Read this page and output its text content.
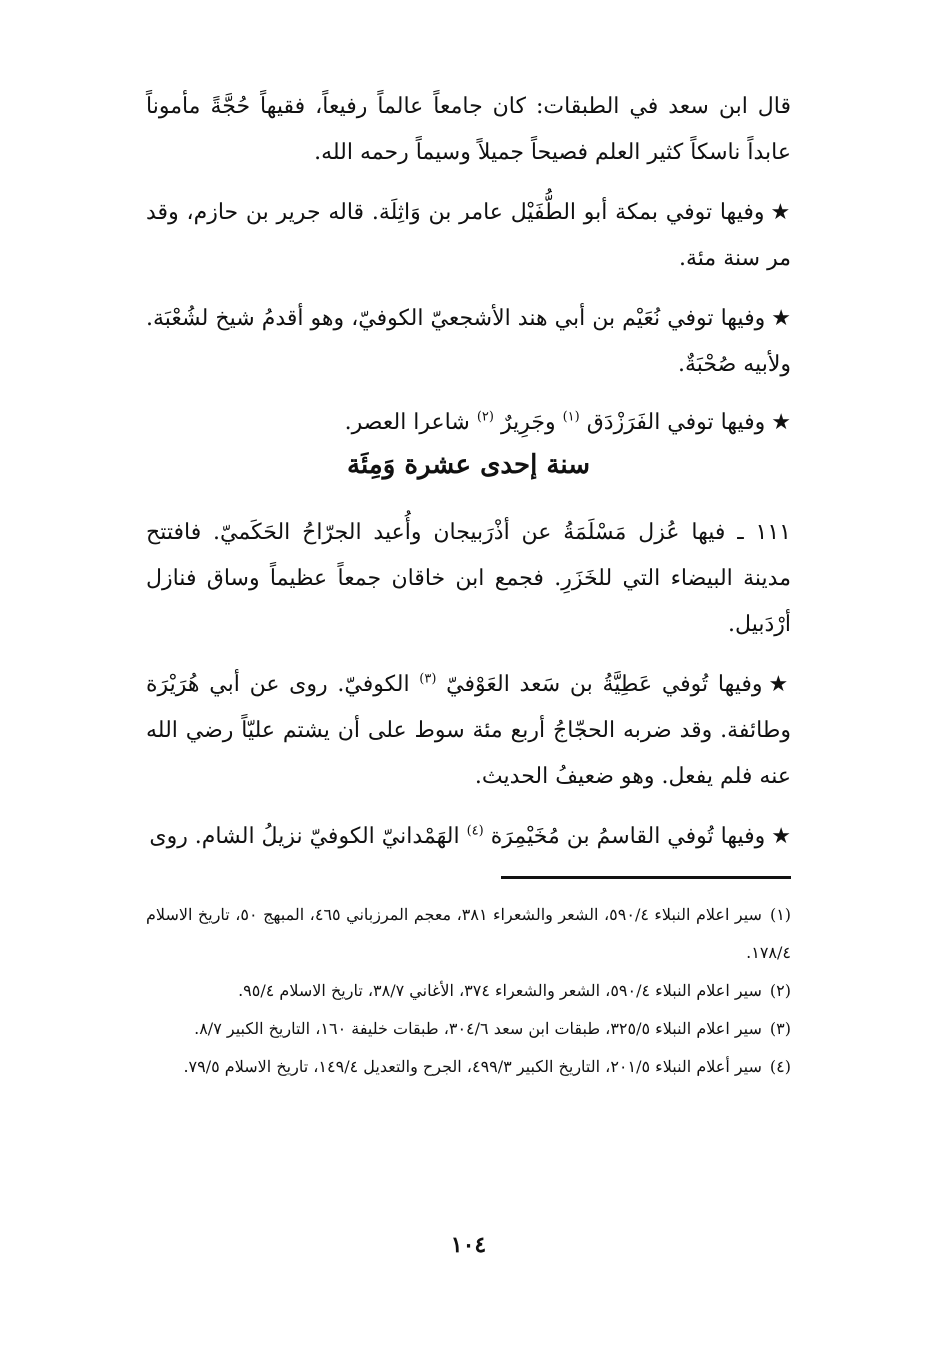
قال ابن سعد في الطبقات: كان جامعاً عالماً رفيعاً، فقيهاً حُجَّةً مأموناً عابداً ناسكاً كثير العلم فصيحاً جميلاً وسيماً رحمه الله.

★وفيها توفي بمكة أبو الطُّفَيْل عامر بن وَاثِلَة. قاله جرير بن حازم، وقد مر سنة مئة.

★وفيها توفي نُعَيْم بن أبي هند الأشجعيّ الكوفيّ، وهو أقدمُ شيخ لشُعْبَة. ولأبيه صُحْبَةٌ.

★وفيها توفي الفَرَزْدَق $^{(١)}$ وجَرِيرٌ $^{(٢)}$ شاعرا العصر.

سنة إحدى عشرة وَمِئَة

١١١ ـ فيها عُزل مَسْلَمَةُ عن أذْرَبيجان وأُعيد الجرّاحُ الحَكَميّ. فافتتح مدينة البيضاء التي للخَزَرِ. فجمع ابن خاقان جمعاً عظيماً وساق فنازل أرْدَبيل.

★وفيها تُوفي عَطِيَّةُ بن سَعد العَوْفيّ $^{(٣)}$ الكوفيّ. روى عن أبي هُرَيْرَة وطائفة. وقد ضربه الحجّاجُ أربع مئة سوط على أن يشتم عليّاً رضي الله عنه فلم يفعل. وهو ضعيفُ الحديث.

★وفيها تُوفي القاسمُ بن مُخَيْمِرَة $^{(٤)}$ الهَمْدانيّ الكوفيّ نزيلُ الشام. روى

(١)سير اعلام النبلاء ٥٩٠/٤، الشعر والشعراء ٣٨١، معجم المرزباني ٤٦٥، المبهج ٥٠، تاريخ الاسلام ١٧٨/٤.

(٢)سير اعلام النبلاء ٥٩٠/٤، الشعر والشعراء ٣٧٤، الأغاني ٣٨/٧، تاريخ الاسلام ٩٥/٤.

(٣)سير اعلام النبلاء ٣٢٥/٥، طبقات ابن سعد ٣٠٤/٦، طبقات خليفة ١٦٠، التاريخ الكبير ٨/٧.

(٤)سير أعلام النبلاء ٢٠١/٥، التاريخ الكبير ٤٩٩/٣، الجرح والتعديل ١٤٩/٤، تاريخ الاسلام ٧٩/٥.

١٠٤
